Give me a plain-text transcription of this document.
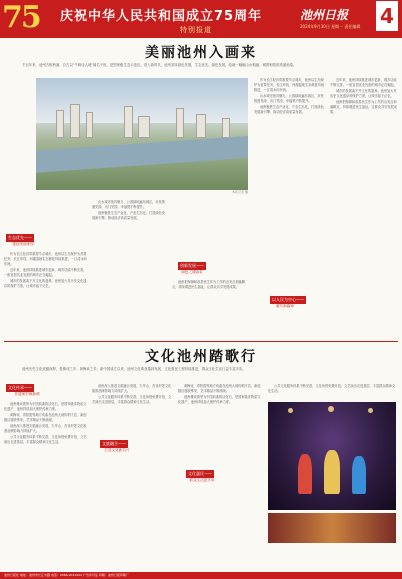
75 庆祝中华人民共和国成立75周年
特别报道
池州日报
2024年9月30日 星期一 责任编辑 4
美丽池州入画来
千百年来，池州古称秋浦，自古以"千载诗人地"闻名于世，是国家级生态示范区。进入新时代，池州坚持绿色发展，生态优先、绿色发展，绘就一幅幅山水相融、城景相依的美丽画卷。
本报记者 摄
生态优先——
建设美丽家园

作为长江经济带重要节点城市，池州以生态保护为首要任务，长江岸线、河湖湿地生态修复持续推进，一江清水向东流。

近年来，池州持续推进城市更新，城市功能不断完善，一座宜居宜业宜游的城市正在崛起。

城市的发展离不开文化的滋养。池州加大对历史文化遗存的保护力度，让城市留下记忆。

山水城市独具魅力，公园绿地遍布城区，市民推窗见绿、出门见园，幸福感不断提升。

池州聚焦生态产业化、产业生态化，打造绿色发展新引擎，推动经济高质量发展。

创新发展——
绿色之城添彩

池州把保障和改善民生作为工作的出发点和落脚点，持续增进民生福祉，让群众共享发展成果。

作为长江经济带重要节点城市，池州以生态保护为首要任务，长江岸线、河湖湿地生态修复持续推进，一江清水向东流。

山水城市独具魅力，公园绿地遍布城区，市民推窗见绿、出门见园，幸福感不断提升。

池州聚焦生态产业化、产业生态化，打造绿色发展新引擎，推动经济高质量发展。

以人民为中心——
谱写新篇章

近年来，池州持续推进城市更新，城市功能不断完善，一座宜居宜业宜游的城市正在崛起。

城市的发展离不开文化的滋养。池州加大对历史文化遗存的保护力度，让城市留下记忆。

池州把保障和改善民生作为工作的出发点和落脚点，持续增进民生福祉，让群众共享发展成果。

文化池州踏歌行
池州历史文化底蕴深厚，是傩戏之乡、黄梅戏之乡。新中国成立以来，池州文化事业蓬勃发展，文化惠民工程持续推进，群众文化生活日益丰富多彩。
文化传承——
非遗保护焕新颜

池州傩戏被誉为中国戏曲的活化石，是国家级非物质文化遗产，池州持续加大保护传承力度。

黄梅戏、青阳腔等地方戏曲在池州大地传唱不息，新创剧目屡获殊荣，艺术精品不断涌现。

池州深入推进文旅融合发展，九华山、杏花村等文化旅游品牌影响力持续扩大。

公共文化服务体系不断完善，文化场馆免费开放，文艺演出走进基层，丰富群众精神文化生活。	文旅融合——
打造文化新名片

池州深入推进文旅融合发展，九华山、杏花村等文化旅游品牌影响力持续扩大。

公共文化服务体系不断完善，文化场馆免费开放，文艺演出走进基层，丰富群众精神文化生活。

文化惠民——
群众生活更多彩

黄梅戏、青阳腔等地方戏曲在池州大地传唱不息，新创剧目屡获殊荣，艺术精品不断涌现。

池州傩戏被誉为中国戏曲的活化石，是国家级非物质文化遗产，池州持续加大保护传承力度。

公共文化服务体系不断完善，文化场馆免费开放，文艺演出走进基层，丰富群众精神文化生活。

池州日报社 地址：池州市长江中路 电话：0566-2022222 广告许可证 印刷：池州日报印刷厂
